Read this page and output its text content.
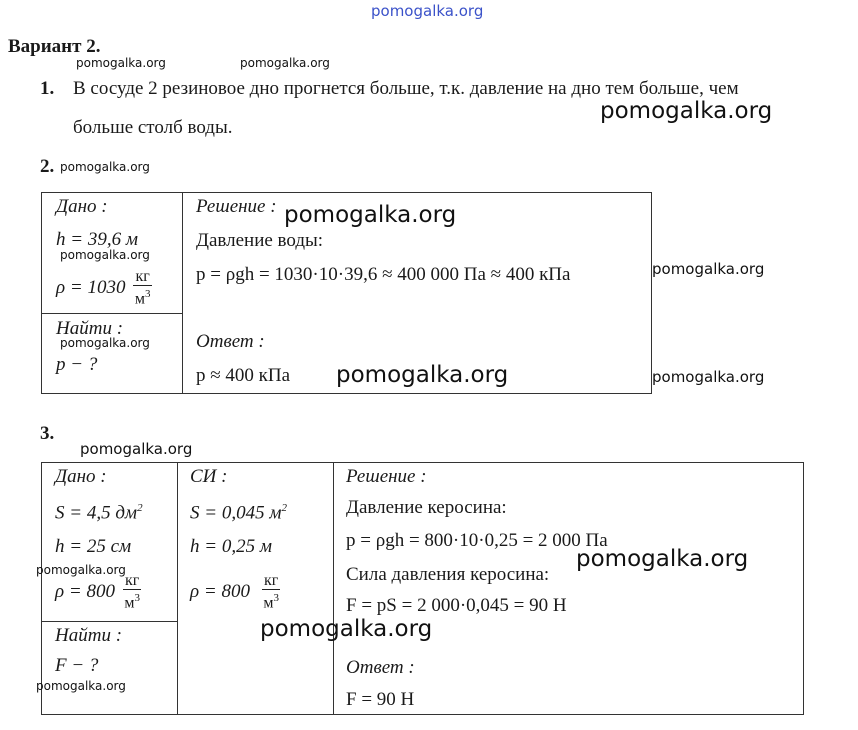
pomogalka.org
Вариант 2.
pomogalka.org	pomogalka.org
1. В сосуде 2 резиновое дно прогнется больше, т.к. давление на дно тем больше, чем
больше столб воды.
pomogalka.org
2. pomogalka.org
Дано :
h = 39,6 м
pomogalka.org
$\rho = 1030 \frac{кг}{м^3}$
Найти :
pomogalka.org
p − ?
Решение : pomogalka.org
Давление воды:
p = ρgh = 1030·10·39,6 ≈ 400 000 Па ≈ 400 кПа
Ответ :
p ≈ 400 кПа pomogalka.org
pomogalka.org
pomogalka.org
3.
pomogalka.org
Дано :
S = 4,5 $дм^2$
h = 25 см
pomogalka.org
$\rho = 800 \frac{кг}{м^3}$
Найти :
F − ?
pomogalka.org
СИ :
S = 0,045 $м^2$
h = 0,25 м
$\rho = 800 \frac{кг}{м^3}$
Решение :
Давление керосина:
p = ρgh = 800·10·0,25 = 2 000 Па
Сила давления керосина:
pomogalka.org
F = pS = 2 000·0,045 = 90 Н
pomogalka.org
Ответ :
F = 90 Н
